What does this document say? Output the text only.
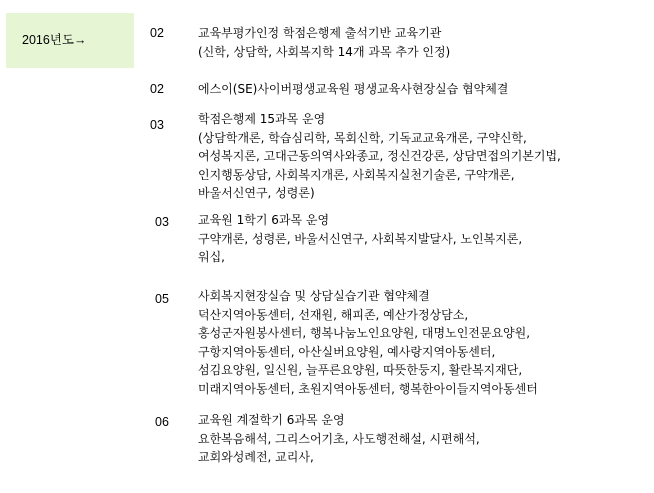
2016년도→	02	교육부평가인정 학점은행제 출석기반 교육기관
(신학, 상담학, 사회복지학 14개 과목 추가 인정)
02	에스이(SE)사이버평생교육원 평생교육사현장실습 협약체결
03	학점은행제 15과목 운영
(상담학개론, 학습심리학, 목회신학, 기독교교육개론, 구약신학,
여성복지론, 고대근동의역사와종교, 정신건강론, 상담면접의기본기법,
인지행동상담, 사회복지개론, 사회복지실천기술론, 구약개론,
바울서신연구, 성령론)
03 교육원 1학기 6과목 운영
구약개론, 성령론, 바울서신연구, 사회복지발달사, 노인복지론,
워십,
05 사회복지현장실습 및 상담실습기관 협약체결
덕산지역아동센터, 선재원, 해피존, 예산가정상담소,
홍성군자원봉사센터, 행복나눔노인요양원, 대명노인전문요양원,
구항지역아동센터, 아산실버요양원, 예사랑지역아동센터,
섬김요양원, 일신원, 늘푸른요양원, 따뜻한둥지, 활란복지재단,
미래지역아동센터, 초원지역아동센터, 행복한아이들지역아동센터
06 교육원 계절학기 6과목 운영
요한복음해석, 그리스어기초, 사도행전해설, 시편해석,
교회와성례전, 교리사,
